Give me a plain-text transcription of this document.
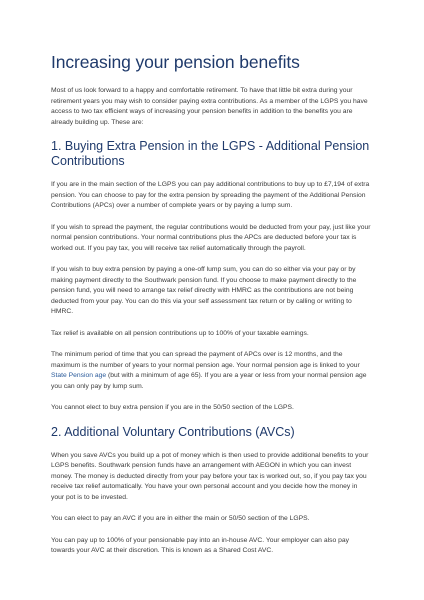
Increasing your pension benefits

Most of us look forward to a happy and comfortable retirement. To have that little bit extra during your retirement years you may wish to consider paying extra contributions. As a member of the LGPS you have access to two tax efficient ways of increasing your pension benefits in addition to the benefits you are already building up. These are:

1. Buying Extra Pension in the LGPS - Additional Pension Contributions

If you are in the main section of the LGPS you can pay additional contributions to buy up to £7,194 of extra pension. You can choose to pay for the extra pension by spreading the payment of the Additional Pension Contributions (APCs) over a number of complete years or by paying a lump sum.

If you wish to spread the payment, the regular contributions would be deducted from your pay, just like your normal pension contributions. Your normal contributions plus the APCs are deducted before your tax is worked out. If you pay tax, you will receive tax relief automatically through the payroll.

If you wish to buy extra pension by paying a one-off lump sum, you can do so either via your pay or by making payment directly to the Southwark pension fund. If you choose to make payment directly to the pension fund, you will need to arrange tax relief directly with HMRC as the contributions are not being deducted from your pay. You can do this via your self assessment tax return or by calling or writing to HMRC.

Tax relief is available on all pension contributions up to 100% of your taxable earnings.

The minimum period of time that you can spread the payment of APCs over is 12 months, and the maximum is the number of years to your normal pension age. Your normal pension age is linked to your State Pension age (but with a minimum of age 65). If you are a year or less from your normal pension age you can only pay by lump sum.

You cannot elect to buy extra pension if you are in the 50/50 section of the LGPS.

2. Additional Voluntary Contributions (AVCs)

When you save AVCs you build up a pot of money which is then used to provide additional benefits to your LGPS benefits. Southwark pension funds have an arrangement with AEGON in which you can invest money. The money is deducted directly from your pay before your tax is worked out, so, if you pay tax you receive tax relief automatically. You have your own personal account and you decide how the money in your pot is to be invested.

You can elect to pay an AVC if you are in either the main or 50/50 section of the LGPS.

You can pay up to 100% of your pensionable pay into an in-house AVC. Your employer can also pay towards your AVC at their discretion. This is known as a Shared Cost AVC.
